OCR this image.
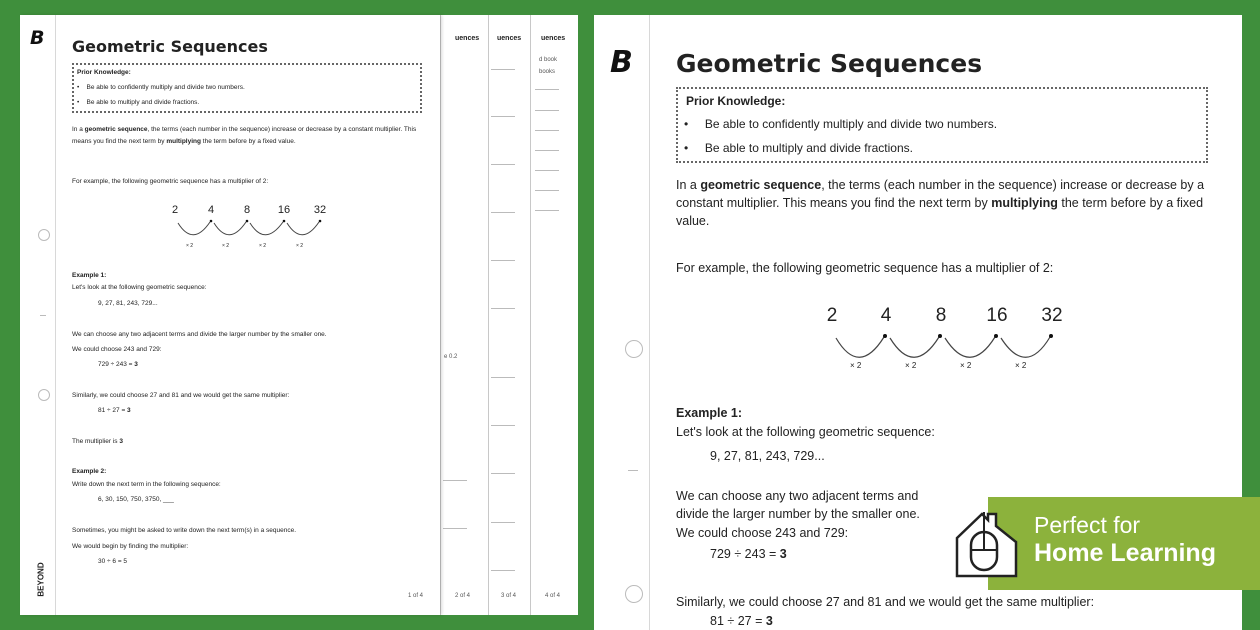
uences
e 0.2
2 of 4
uences
3 of 4
uences
d book
books
4 of 4
B
BEYOND
Geometric Sequences
Prior Knowledge:
•    Be able to confidently multiply and divide two numbers.
•    Be able to multiply and divide fractions.
In a geometric sequence, the terms (each number in the sequence) increase or decrease by a constant multiplier. This means you find the next term by multiplying the term before by a fixed value.
For example, the following geometric sequence has a multiplier of 2:
2	4	8	16	32
× 2	× 2	× 2	× 2
Example 1:
Let's look at the following geometric sequence:
9, 27, 81, 243, 729...
We can choose any two adjacent terms and divide the larger number by the smaller one.
We could choose 243 and 729:
729 ÷ 243 = 3
Similarly, we could choose 27 and 81 and we would get the same multiplier:
81 ÷ 27 = 3
The multiplier is 3
Example 2:
Write down the next term in the following sequence:
6, 30, 150, 750, 3750, ___
Sometimes, you might be asked to write down the next term(s) in a sequence.
We would begin by finding the multiplier:
30 ÷ 6 = 5
1 of 4
B Geometric Sequences
Prior Knowledge:
•     Be able to confidently multiply and divide two numbers.
•     Be able to multiply and divide fractions.
In a geometric sequence, the terms (each number in the sequence) increase or decrease by a constant multiplier. This means you find the next term by multiplying the term before by a fixed value.
For example, the following geometric sequence has a multiplier of 2:
2	4	8	16 32
× 2	× 2	× 2	× 2
Example 1:
Let's look at the following geometric sequence:
9, 27, 81, 243, 729...
We can choose any two adjacent terms and divide the larger number by the smaller one.
We could choose 243 and 729:
729 ÷ 243 = 3
Similarly, we could choose 27 and 81 and we would get the same multiplier:
81 ÷ 27 = 3
Perfect for
Home Learning
